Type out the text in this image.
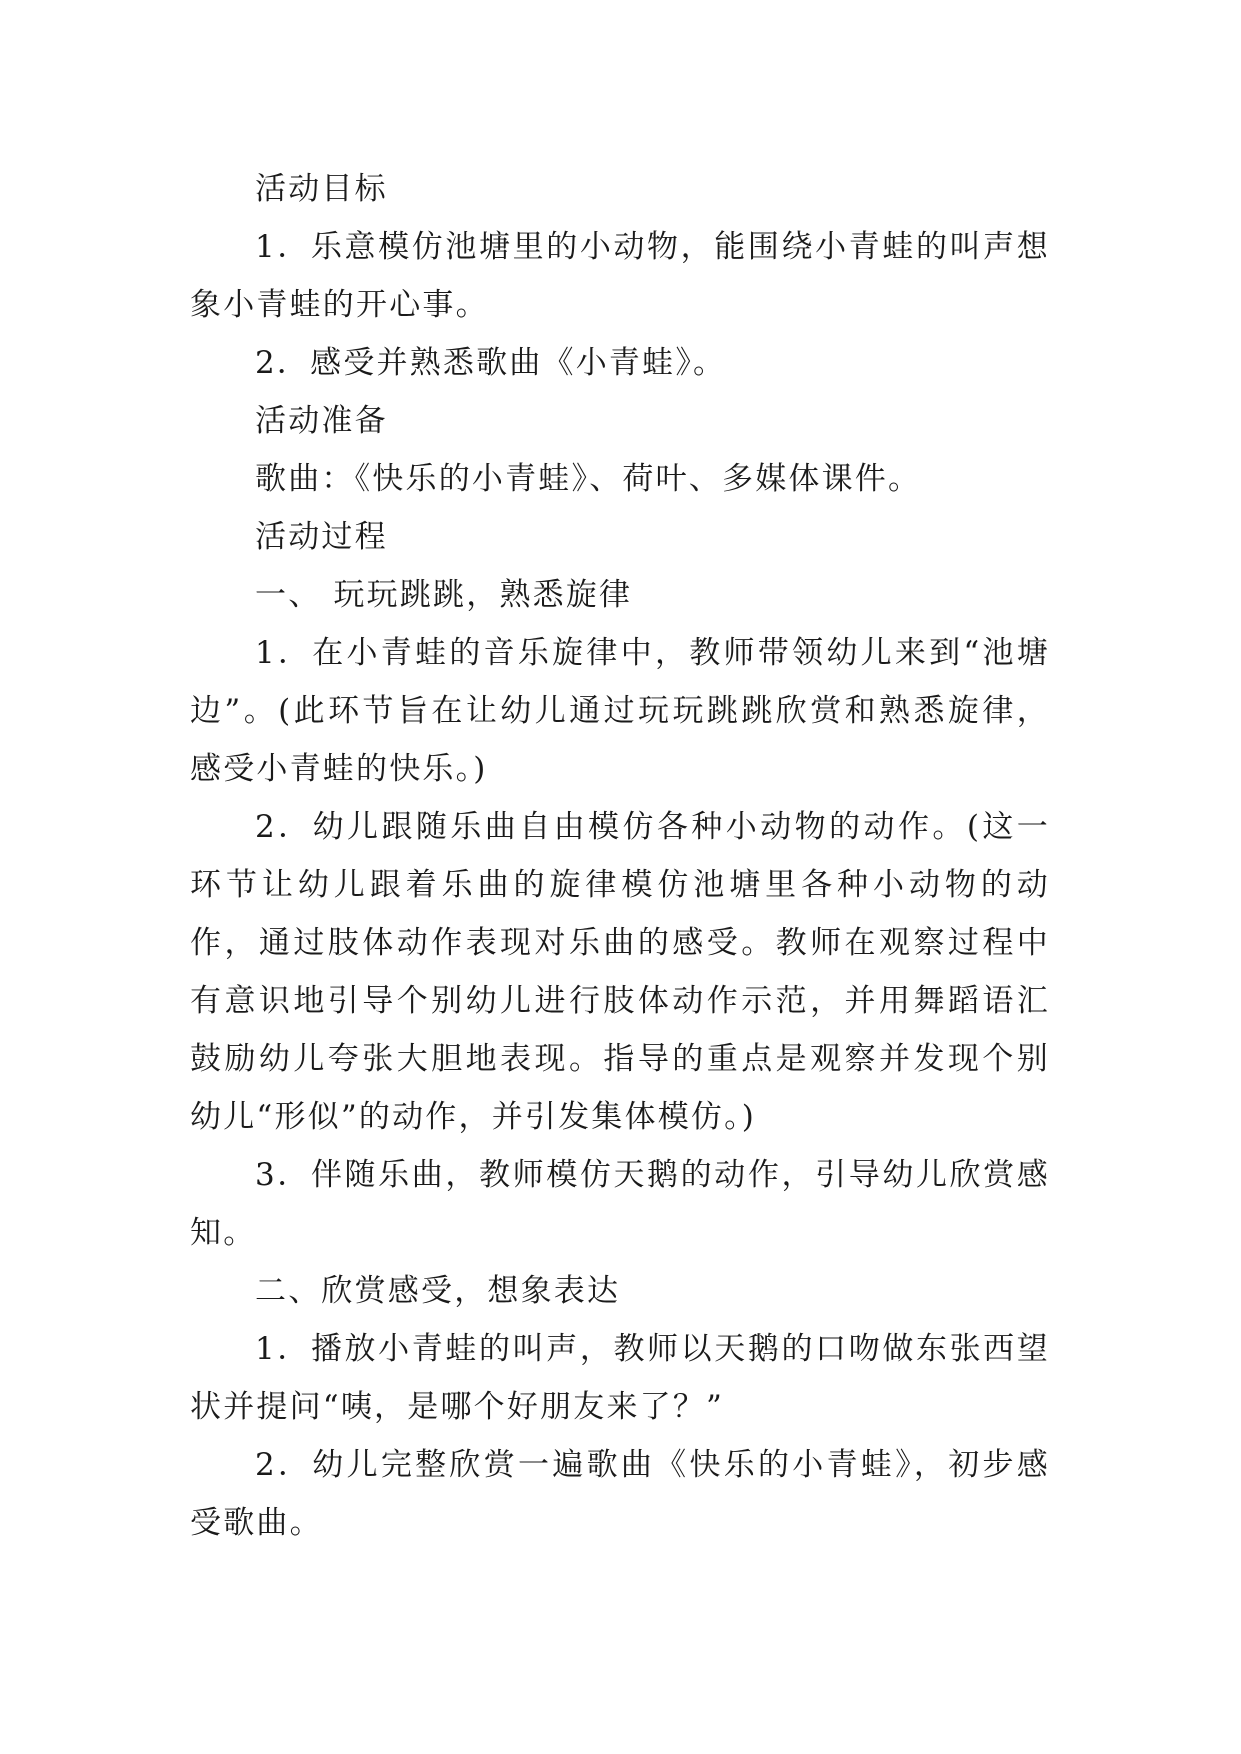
活动目标

1．乐意模仿池塘里的小动物，能围绕小青蛙的叫声想象小青蛙的开心事。

2．感受并熟悉歌曲《小青蛙》。

活动准备

歌曲：《快乐的小青蛙》、荷叶、多媒体课件。

活动过程

一、 玩玩跳跳，熟悉旋律

1．在小青蛙的音乐旋律中，教师带领幼儿来到“池塘边”。(此环节旨在让幼儿通过玩玩跳跳欣赏和熟悉旋律，感受小青蛙的快乐。)

2．幼儿跟随乐曲自由模仿各种小动物的动作。(这一环节让幼儿跟着乐曲的旋律模仿池塘里各种小动物的动作，通过肢体动作表现对乐曲的感受。教师在观察过程中有意识地引导个别幼儿进行肢体动作示范，并用舞蹈语汇鼓励幼儿夸张大胆地表现。指导的重点是观察并发现个别幼儿“形似”的动作，并引发集体模仿。)

3．伴随乐曲，教师模仿天鹅的动作，引导幼儿欣赏感知。

二、欣赏感受，想象表达

1．播放小青蛙的叫声，教师以天鹅的口吻做东张西望状并提问“咦，是哪个好朋友来了？”

2．幼儿完整欣赏一遍歌曲《快乐的小青蛙》，初步感受歌曲。
